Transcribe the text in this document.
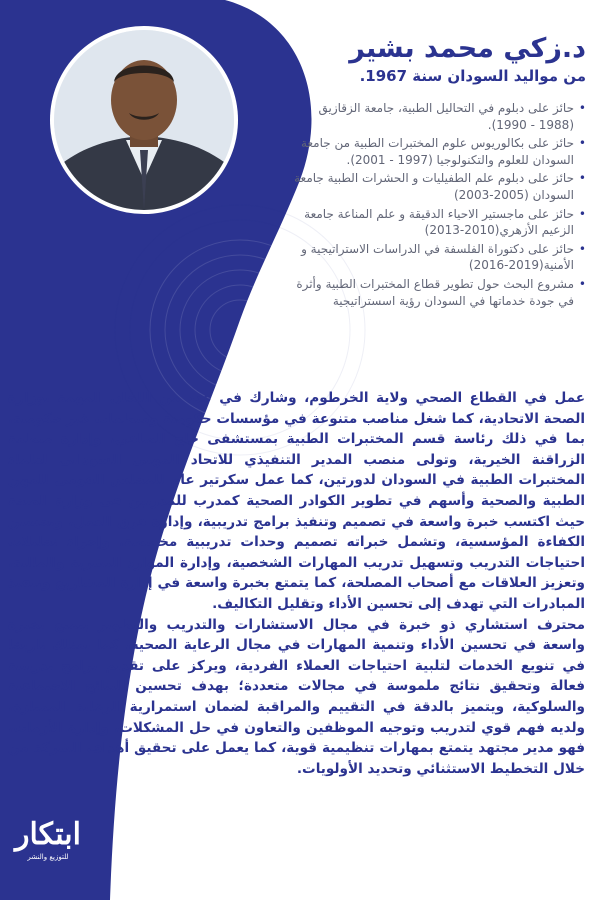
د.زكي محمد بشير

من مواليد السودان سنة 1967.

•
حائز على دبلوم في التحاليل الطبية، جامعة الزقازيق (1988 - 1990).
•
حائز على بكالوريوس علوم المختبرات الطبية من جامعة السودان للعلوم والتكنولوجيا (1997 - 2001).
•
حائز على دبلوم علم الطفيليات و الحشرات الطبية جامعة السودان (2005-2003)
•
حائز على ماجستير الاحياء الدقيقة و علم المناعة جامعة الزعيم الأزهري(2010-2013)
•
حائز على دكتوراة الفلسفة في الدراسات الاستراتيجية و الأمنية(2019-2016)
•
مشروع البحث حول تطوير قطاع المختبرات الطبية وأثرة في جودة خدماتها في السودان رؤية اسستراتيجية

عمل في القطاع الصحي ولاية الخرطوم، وشارك في عدد من اللجان المهمة بوزارة الصحة الاتحادية، كما شغل مناصب متنوعة في مؤسسات حكومية ومنظمات غير حكومية، بما في ذلك رئاسة قسم المختبرات الطبية بمستشفى حاج الصافي، وإدارة منظمة الزراقنة الخيرية، وتولى منصب المدير التنفيذي للاتحاد المهني السوداني لعلماء المختبرات الطبية في السودان لدورتين، كما عمل سكرتير عام للمجلس القومي للمهن الطبية والصحية وأسهم في تطوير الكوادر الصحية كمدرب للمدربين في وزارة الصحة حيث اكتسب خبرة واسعة في تصميم وتنفيذ برامج تدريبية، وإدارة فرق العمل، وتحسين الكفاءة المؤسسية، وتشمل خبراته تصميم وحدات تدريبية مخصصة، وإجراء تحليلات احتياجات التدريب وتسهيل تدريب المهارات الشخصية، وإدارة الموارد البشرية والمالية، وتعزيز العلاقات مع أصحاب المصلحة، كما يتمتع بخبرة واسعة في إدارة المشاريع وتنفيذ المبادرات التي تهدف إلى تحسين الأداء وتقليل التكاليف.

محترف استشاري ذو خبرة في مجال الاستشارات والتدريب والتطوير يتمتع بخبرة واسعة في تحسين الأداء وتنمية المهارات في مجال الرعاية الصحية، كما يمتلك تاريخا في تنويع الخدمات لتلبية احتياجات العملاء الفردية، ويركز على تقديم برامج تدريبية فعالة وتحقيق نتائج ملموسة في مجالات متعددة؛ بهدف تحسين النتائج الاجتماعية والسلوكية، ويتميز بالدقة في التقييم والمراقبة لضمان استمرارية الرعاية الممتازة، ولديه فهم قوي لتدريب وتوجيه الموظفين والتعاون في حل المشكلات، وإدارة الأزمات، فهو مدير مجتهد يتمتع بمهارات تنظيمية قوية، كما يعمل على تحقيق أهداف الشركة من خلال التخطيط الاستثنائي وتحديد الأولويات.

ابتكار
للتوزيع والنشر
